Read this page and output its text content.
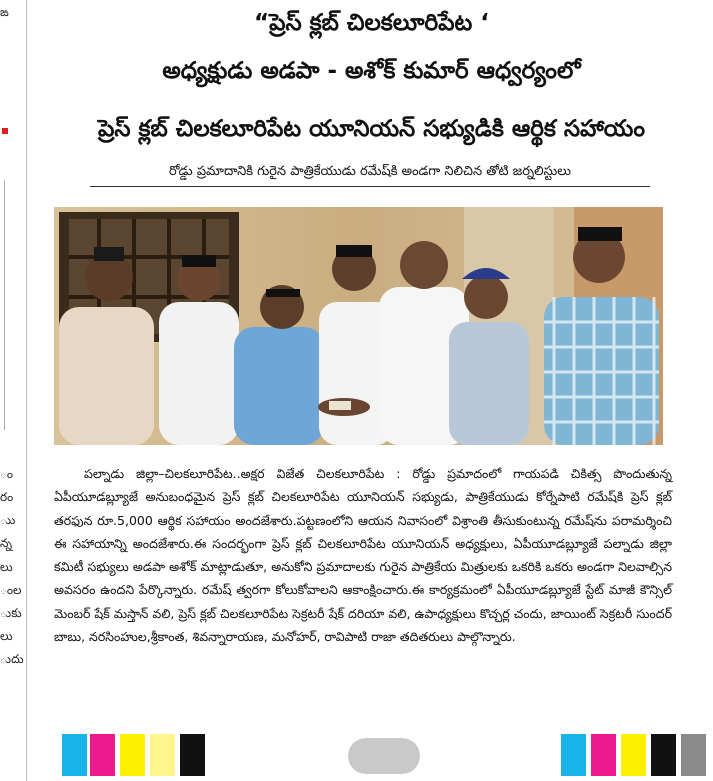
ఙ
ం
రం
ుు
న్న
లు
ంల
ుకు
లు
ుదు
“ప్రెస్ క్లబ్ చిలకలూరిపేట ‘
అధ్యక్షుడు అడపా - అశోక్ కుమార్ ఆధ్వర్యంలో
ప్రెస్ క్లబ్ చిలకలూరిపేట యూనియన్ సభ్యుడికి ఆర్థిక సహాయం
రోడ్డు ప్రమాదానికి గురైన పాత్రికేయుడు రమేష్‌కి అండగా నిలిచిన తోటి జర్నలిస్టులు
పల్నాడు జిల్లా–చిలకలూరిపేట..అక్షర విజేత చిలకలూరిపేట : రోడ్డు ప్రమాదంలో గాయపడి చికిత్స పొందుతున్న ఏపీయూడబ్ల్యూజే అనుబంధమైన ప్రెస్ క్లబ్ చిలకలూరిపేట యూనియన్ సభ్యుడు, పాత్రికేయుడు కోర్నేపాటి రమేష్‌కి ప్రెస్ క్లబ్ తరఫున రూ.5,000 ఆర్థిక సహాయం అందజేశారు.పట్టణంలోని ఆయన నివాసంలో విశ్రాంతి తీసుకుంటున్న రమేష్‌ను పరామర్శించి ఈ సహాయాన్ని అందజేశారు.ఈ సందర్భంగా ప్రెస్ క్లబ్ చిలకలూరిపేట యూనియన్ అధ్యక్షులు, ఏపీయూడబ్ల్యూజే పల్నాడు జిల్లా కమిటీ సభ్యులు అడపా అశోక్ మాట్లాడుతూ, అనుకోని ప్రమాదాలకు గురైన పాత్రికేయ మిత్రులకు ఒకరికి ఒకరు అండగా నిలవాల్సిన అవసరం ఉందని పేర్కొన్నారు. రమేష్ త్వరగా కోలుకోవాలని ఆకాంక్షించారు.ఈ కార్యక్రమంలో ఏపీయూడబ్ల్యూజే స్టేట్ మాజీ కౌన్సిల్ మెంబర్ షేక్ మస్తాన్ వలి, ప్రెస్ క్లబ్ చిలకలూరిపేట సెక్రటరీ షేక్ దరియా వలి, ఉపాధ్యక్షులు కొచ్చర్ల చందు, జాయింట్ సెక్రటరీ సుందర్ బాబు, నరసింహుల,శ్రీకాంత, శివన్నారాయణ, మనోహర్, రావిపాటి రాజా తదితరులు పాల్గొన్నారు.
